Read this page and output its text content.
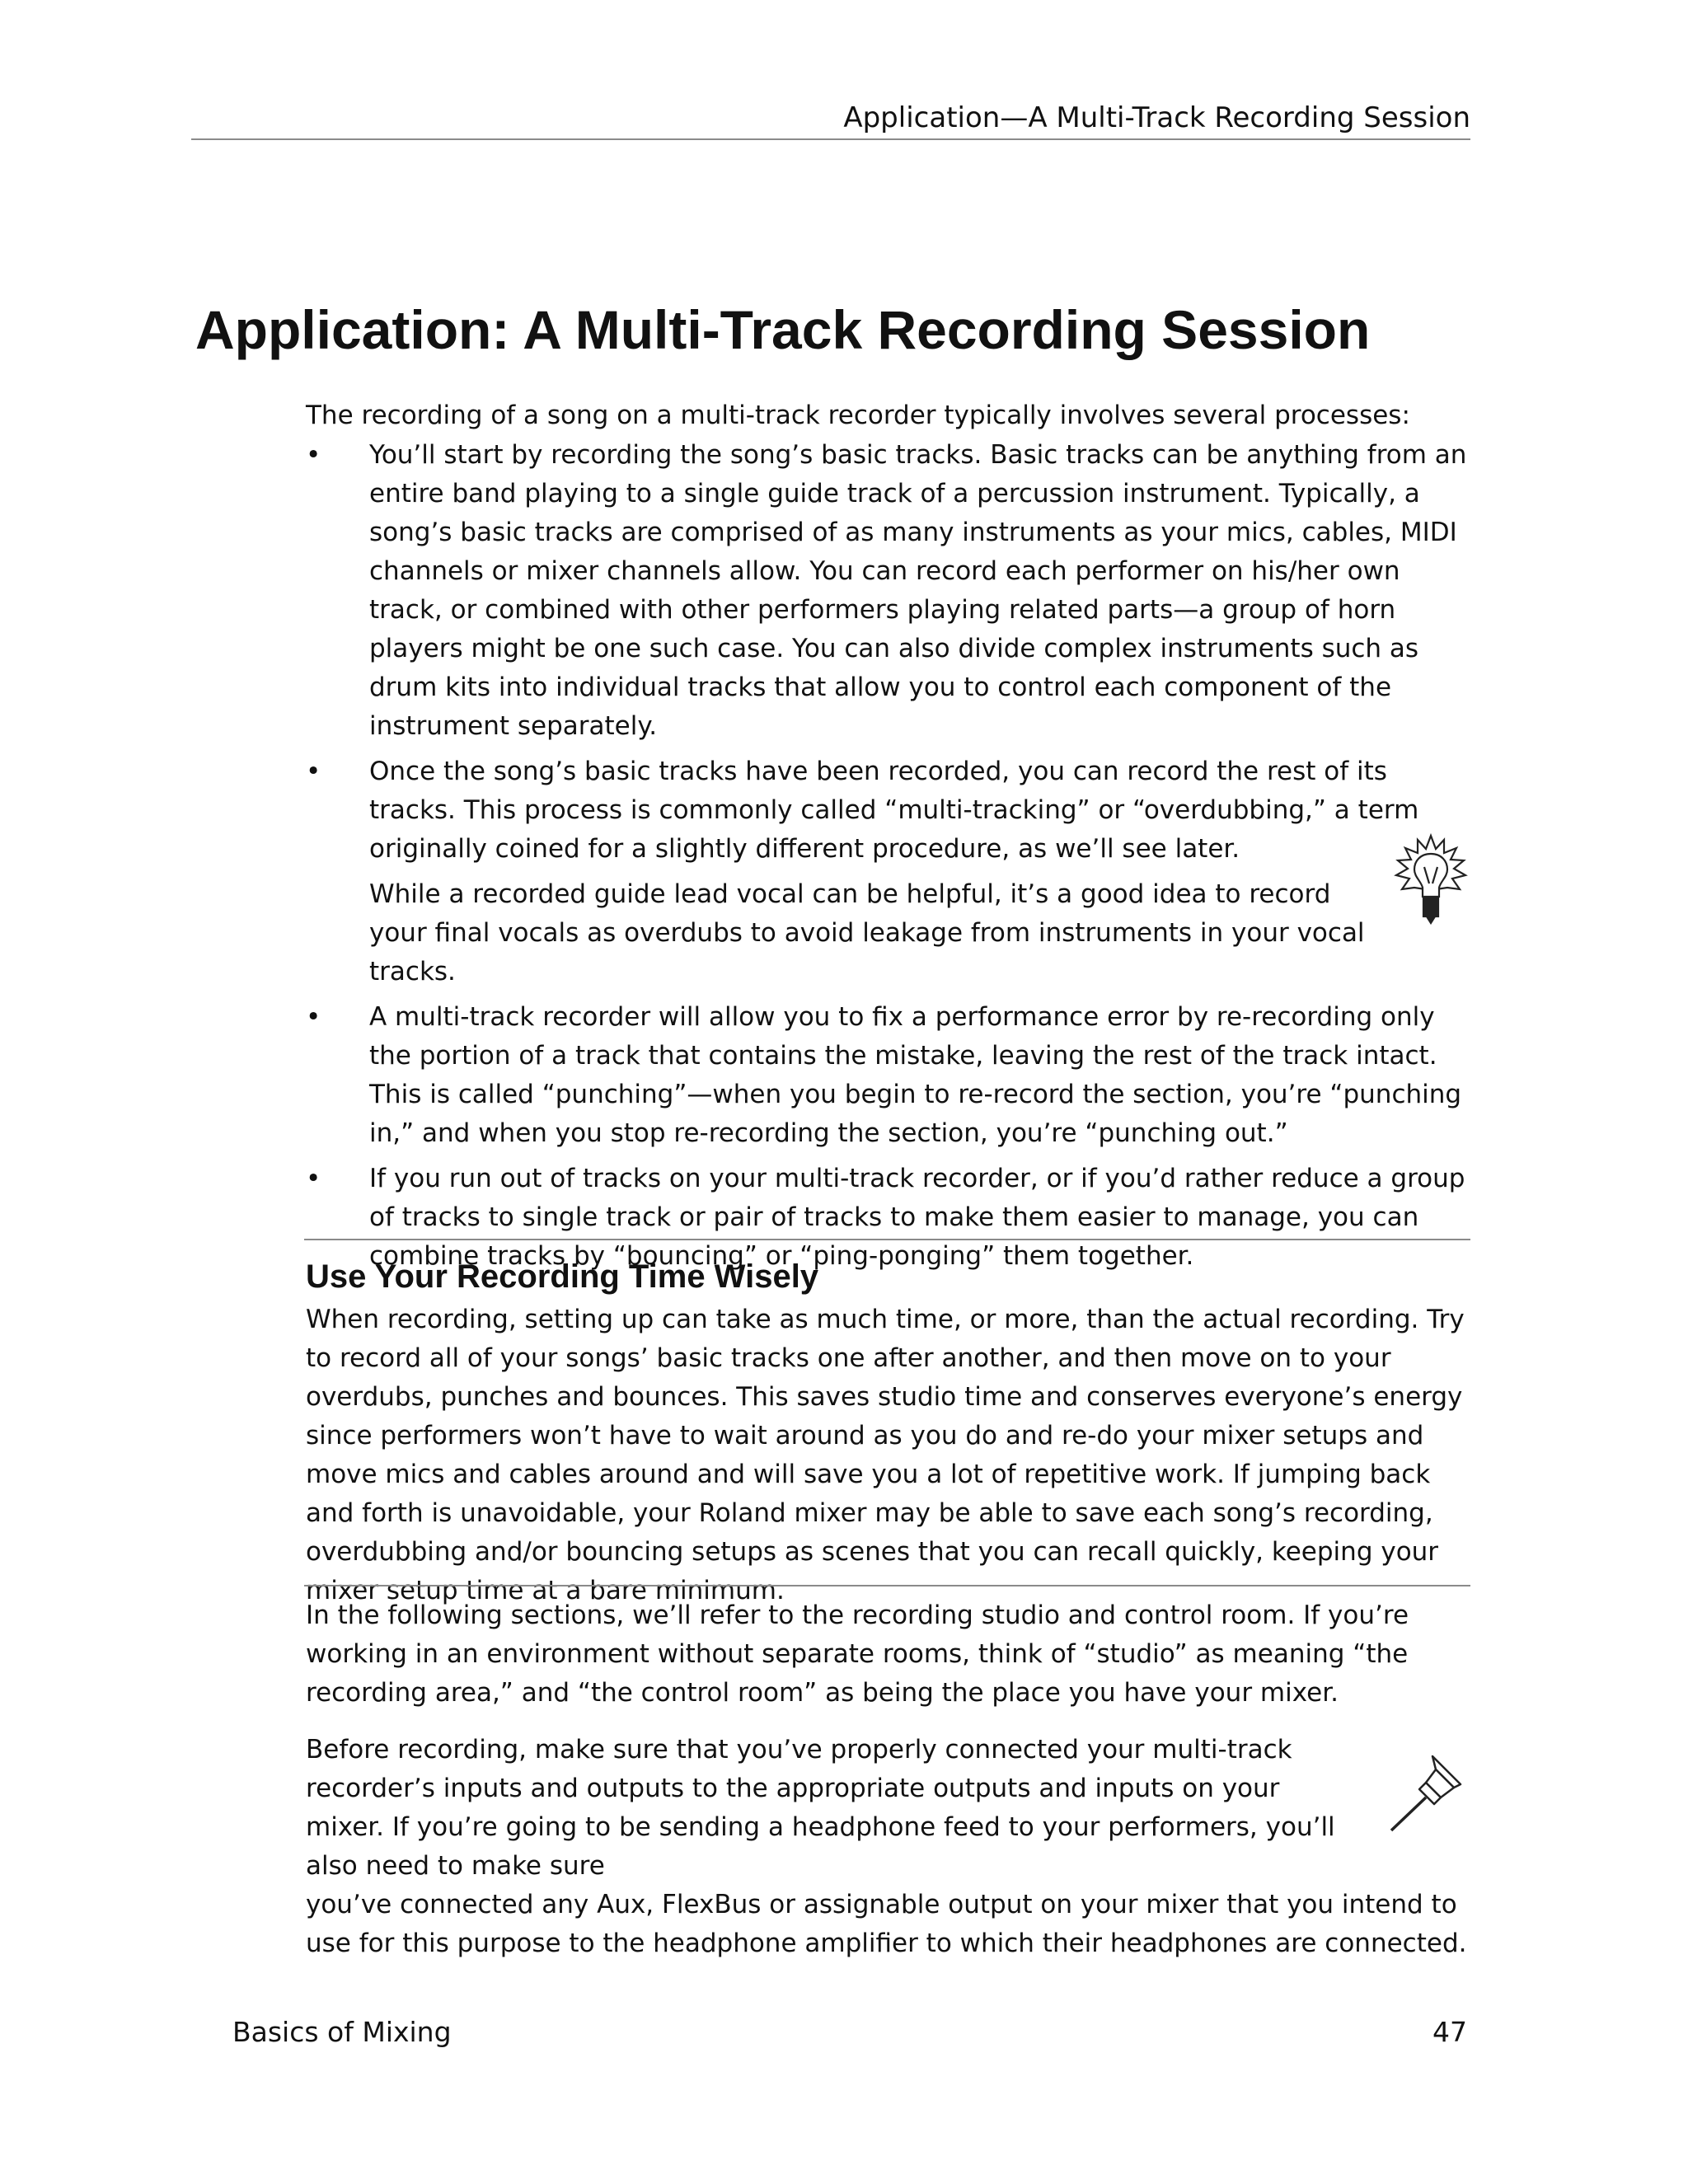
Application—A Multi-Track Recording Session
Application: A Multi-Track Recording Session

The recording of a song on a multi-track recorder typically involves several processes:

•	You’ll start by recording the song’s basic tracks. Basic tracks can be anything from an entire band playing to a single guide track of a percussion instrument. Typically, a song’s basic tracks are comprised of as many instruments as your mics, cables, MIDI channels or mixer channels allow. You can record each performer on his/her own track, or combined with other performers playing related parts—a group of horn players might be one such case. You can also divide complex instruments such as drum kits into individual tracks that allow you to control each component of the instrument separately.
•	Once the song’s basic tracks have been recorded, you can record the rest of its tracks. This process is commonly called “multi-tracking” or “overdubbing,” a term originally coined for a slightly different procedure, as we’ll see later.

While a recorded guide lead vocal can be helpful, it’s a good idea to record your final vocals as overdubs to avoid leakage from instruments in your vocal tracks.

•	A multi-track recorder will allow you to fix a performance error by re-recording only the portion of a track that contains the mistake, leaving the rest of the track intact. This is called “punching”—when you begin to re-record the section, you’re “punching in,” and when you stop re-recording the section, you’re “punching out.”
•	If you run out of tracks on your multi-track recorder, or if you’d rather reduce a group of tracks to single track or pair of tracks to make them easier to manage, you can combine tracks by “bouncing” or “ping-ponging” them together.
Use Your Recording Time Wisely

When recording, setting up can take as much time, or more, than the actual recording. Try to record all of your songs’ basic tracks one after another, and then move on to your overdubs, punches and bounces. This saves studio time and conserves everyone’s energy since performers won’t have to wait around as you do and re-do your mixer setups and move mics and cables around and will save you a lot of repetitive work. If jumping back and forth is unavoidable, your Roland mixer may be able to save each song’s recording, overdubbing and/or bouncing setups as scenes that you can recall quickly, keeping your mixer setup time at a bare minimum.

In the following sections, we’ll refer to the recording studio and control room. If you’re working in an environment without separate rooms, think of “studio” as meaning “the recording area,” and “the control room” as being the place you have your mixer.

Before recording, make sure that you’ve properly connected your multi-track recorder’s inputs and outputs to the appropriate outputs and inputs on your mixer. If you’re going to be sending a headphone feed to your performers, you’ll also need to make sure
you’ve connected any Aux, FlexBus or assignable output on your mixer that you intend to use for this purpose to the headphone amplifier to which their headphones are connected.

Basics of Mixing	47
